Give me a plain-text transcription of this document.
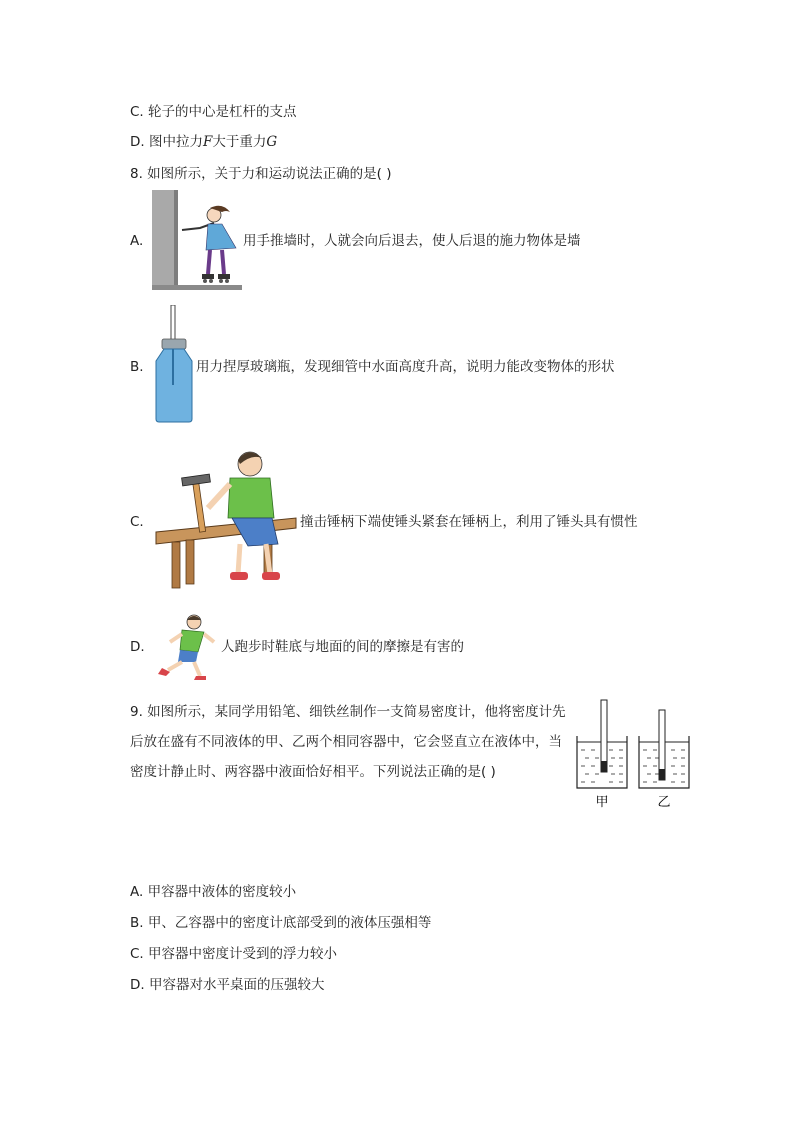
C. 轮子的中心是杠杆的支点
D. 图中拉力F大于重力G
8. 如图所示，关于力和运动说法正确的是( )
A.	用手推墙时，人就会向后退去，使人后退的施力物体是墙
B.	用力捏厚玻璃瓶，发现细管中水面高度升高，说明力能改变物体的形状
C.	撞击锤柄下端使锤头紧套在锤柄上，利用了锤头具有惯性
D.	人跑步时鞋底与地面的间的摩擦是有害的
9. 如图所示，某同学用铅笔、细铁丝制作一支简易密度计，他将密度计先后放在盛有不同液体的甲、乙两个相同容器中，它会竖直立在液体中，当密度计静止时、两容器中液面恰好相平。下列说法正确的是( )
甲	乙
A. 甲容器中液体的密度较小
B. 甲、乙容器中的密度计底部受到的液体压强相等
C. 甲容器中密度计受到的浮力较小
D. 甲容器对水平桌面的压强较大
